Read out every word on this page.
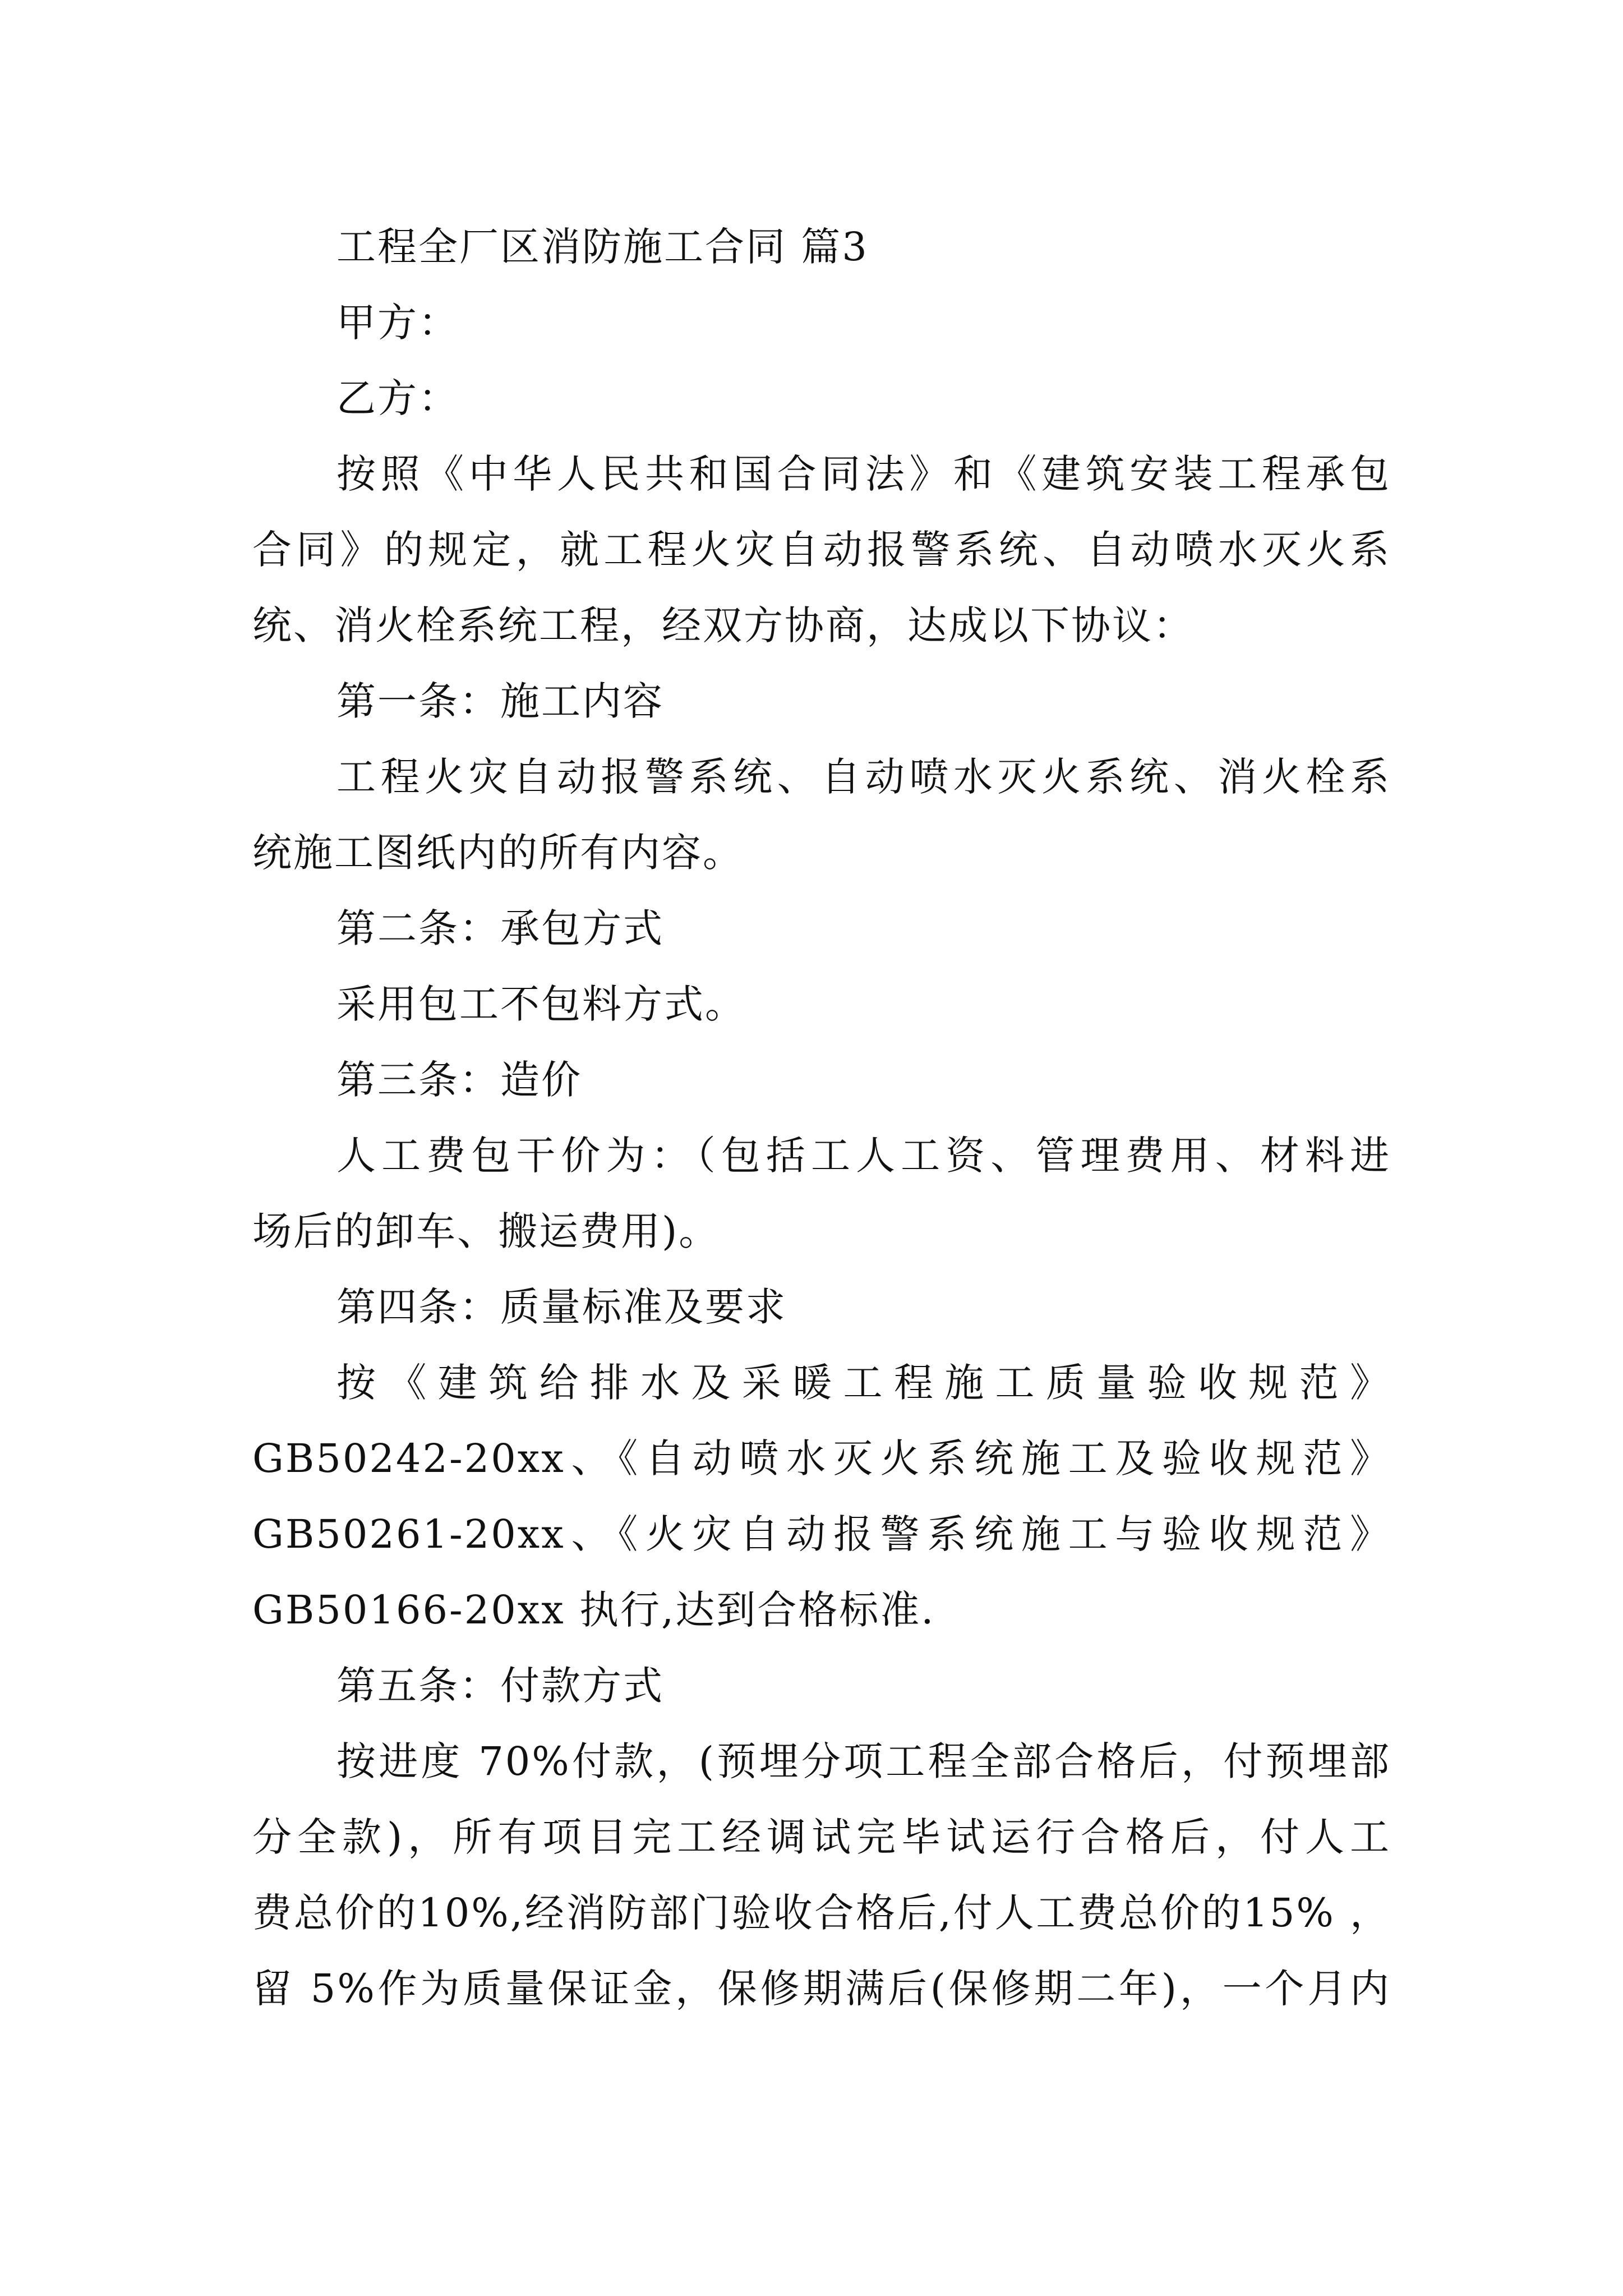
工程全厂区消防施工合同 篇3
甲方：
乙方：
按照《中华人民共和国合同法》和《建筑安装工程承包
合同》的规定，就工程火灾自动报警系统、自动喷水灭火系
统、消火栓系统工程，经双方协商，达成以下协议：
第一条：施工内容
工程火灾自动报警系统、自动喷水灭火系统、消火栓系
统施工图纸内的所有内容。
第二条：承包方式
采用包工不包料方式。
第三条：造价
人工费包干价为：（包括工人工资、管理费用、材料进
场后的卸车、搬运费用)。
第四条：质量标准及要求
按《建筑给排水及采暖工程施工质量验收规范》
GB50242-20xx、《自动喷水灭火系统施工及验收规范》
GB50261-20xx、《火灾自动报警系统施工与验收规范》
GB50166-20xx 执行,达到合格标准.
第五条：付款方式
按进度 70%付款，(预埋分项工程全部合格后，付预埋部
分全款)，所有项目完工经调试完毕试运行合格后，付人工
费总价的10%,经消防部门验收合格后,付人工费总价的15% ，
留 5%作为质量保证金，保修期满后(保修期二年)，一个月内
